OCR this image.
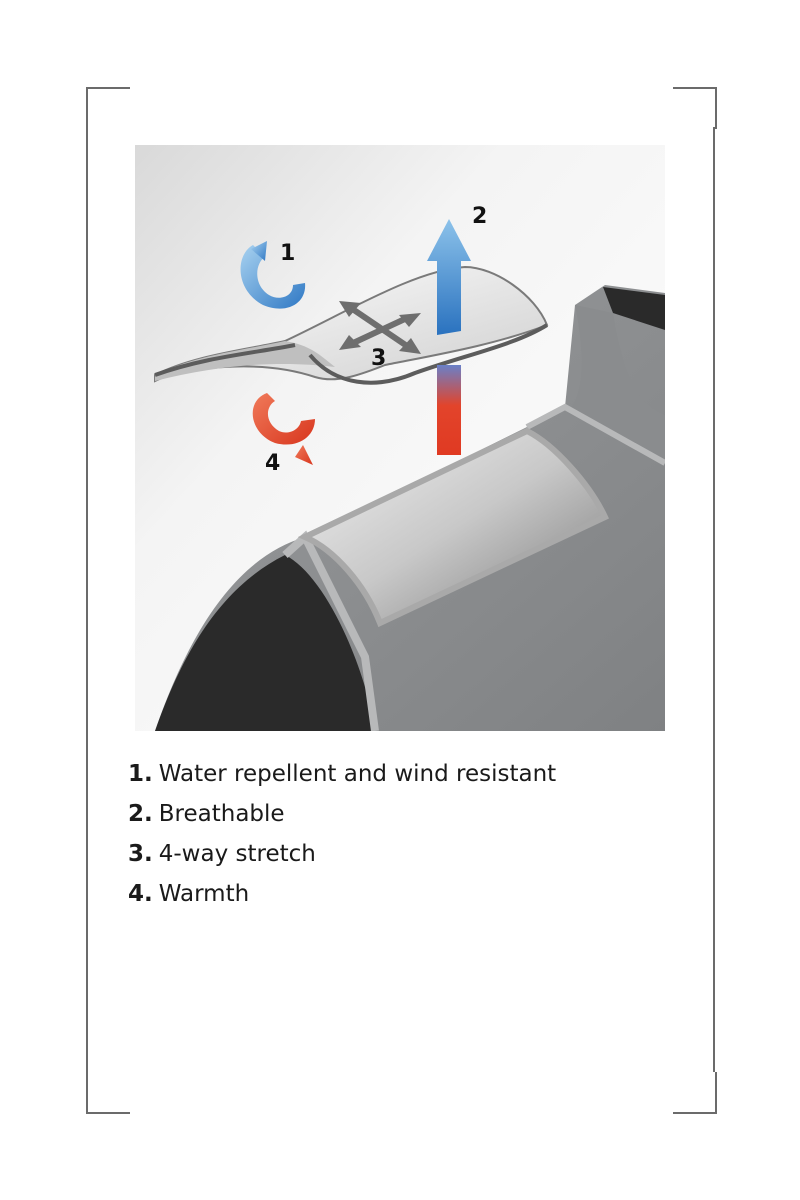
1
2
3
4
1. Water repellent and wind resistant
2. Breathable
3. 4-way stretch
4. Warmth
